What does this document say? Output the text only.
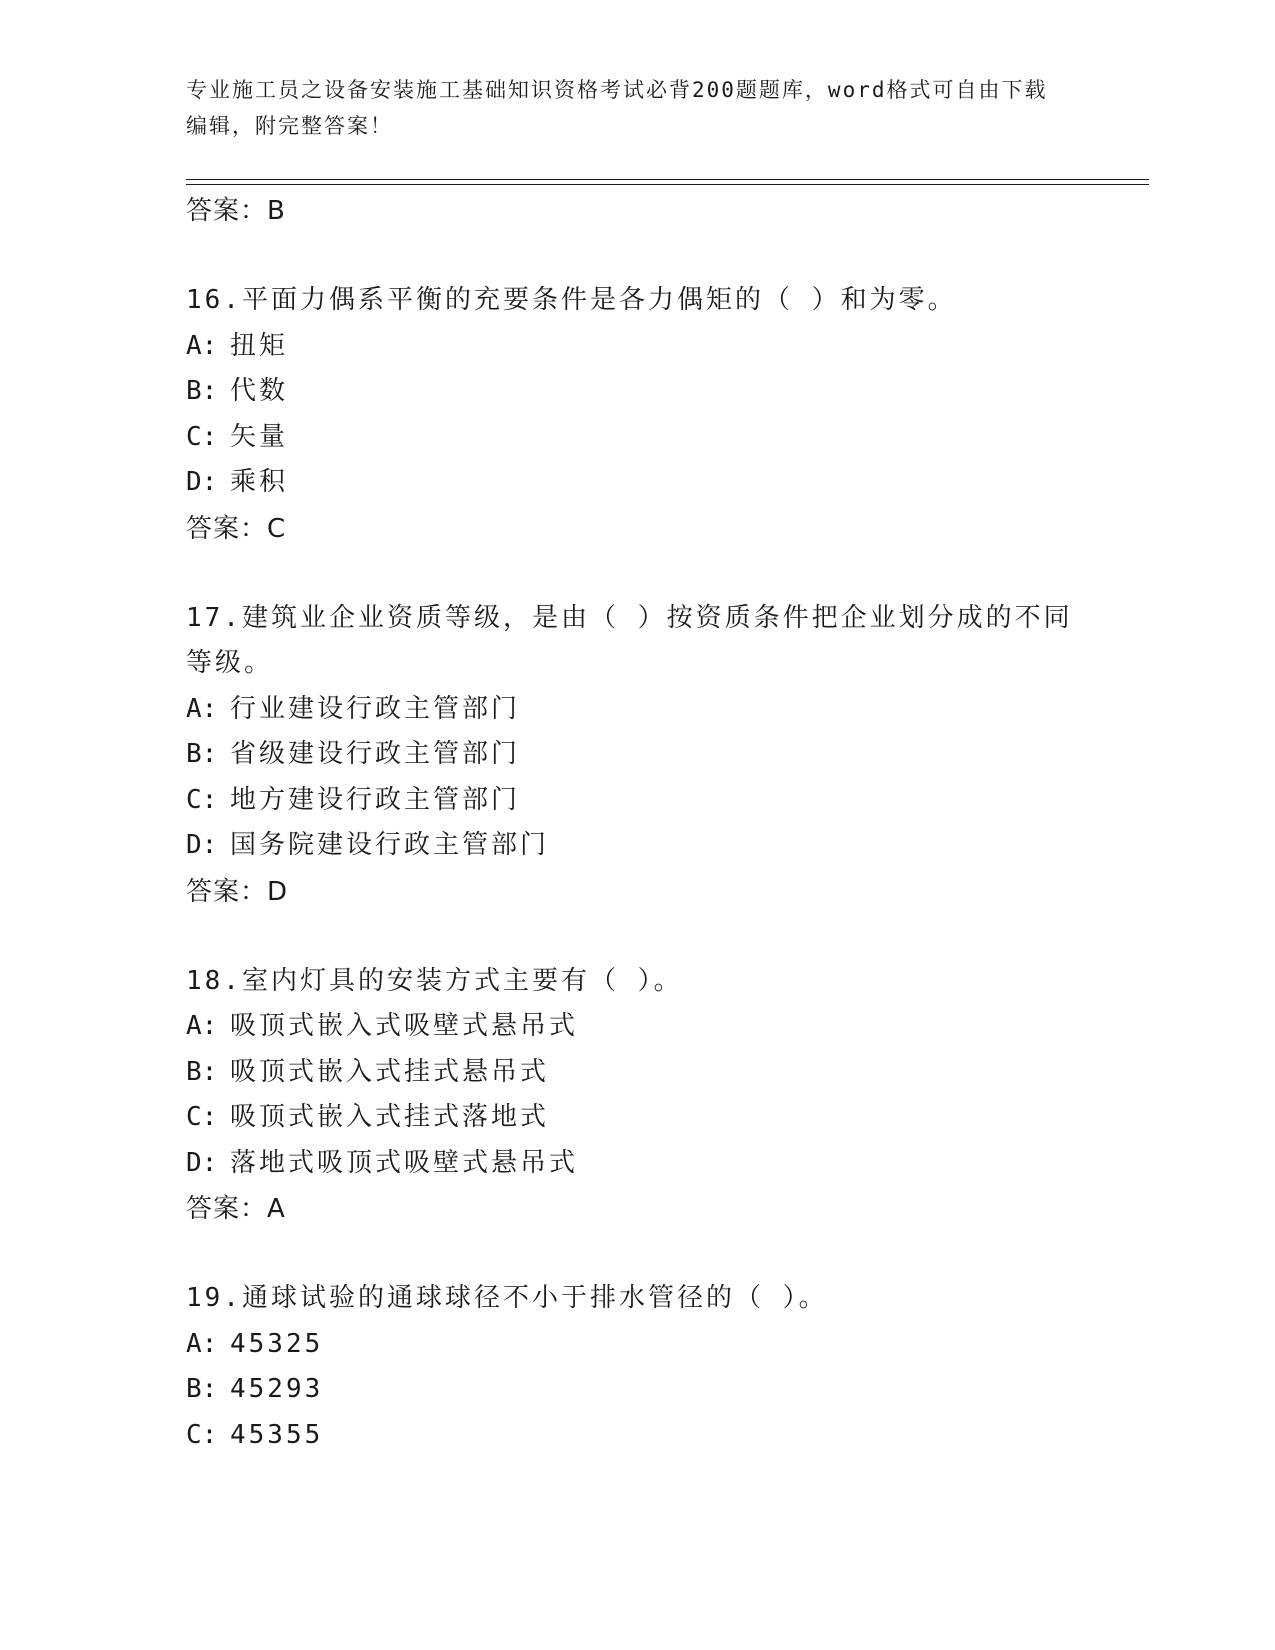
专业施工员之设备安装施工基础知识资格考试必背200题题库，word格式可自由下载编辑，附完整答案！
答案：B
16.平面力偶系平衡的充要条件是各力偶矩的（ ）和为零。
A: 扭矩
B: 代数
C: 矢量
D: 乘积
答案：C
17.建筑业企业资质等级，是由（ ）按资质条件把企业划分成的不同等级。
A: 行业建设行政主管部门
B: 省级建设行政主管部门
C: 地方建设行政主管部门
D: 国务院建设行政主管部门
答案：D
18.室内灯具的安装方式主要有（ ）。
A: 吸顶式嵌入式吸壁式悬吊式
B: 吸顶式嵌入式挂式悬吊式
C: 吸顶式嵌入式挂式落地式
D: 落地式吸顶式吸壁式悬吊式
答案：A
19.通球试验的通球球径不小于排水管径的（ ）。
A: 45325
B: 45293
C: 45355
